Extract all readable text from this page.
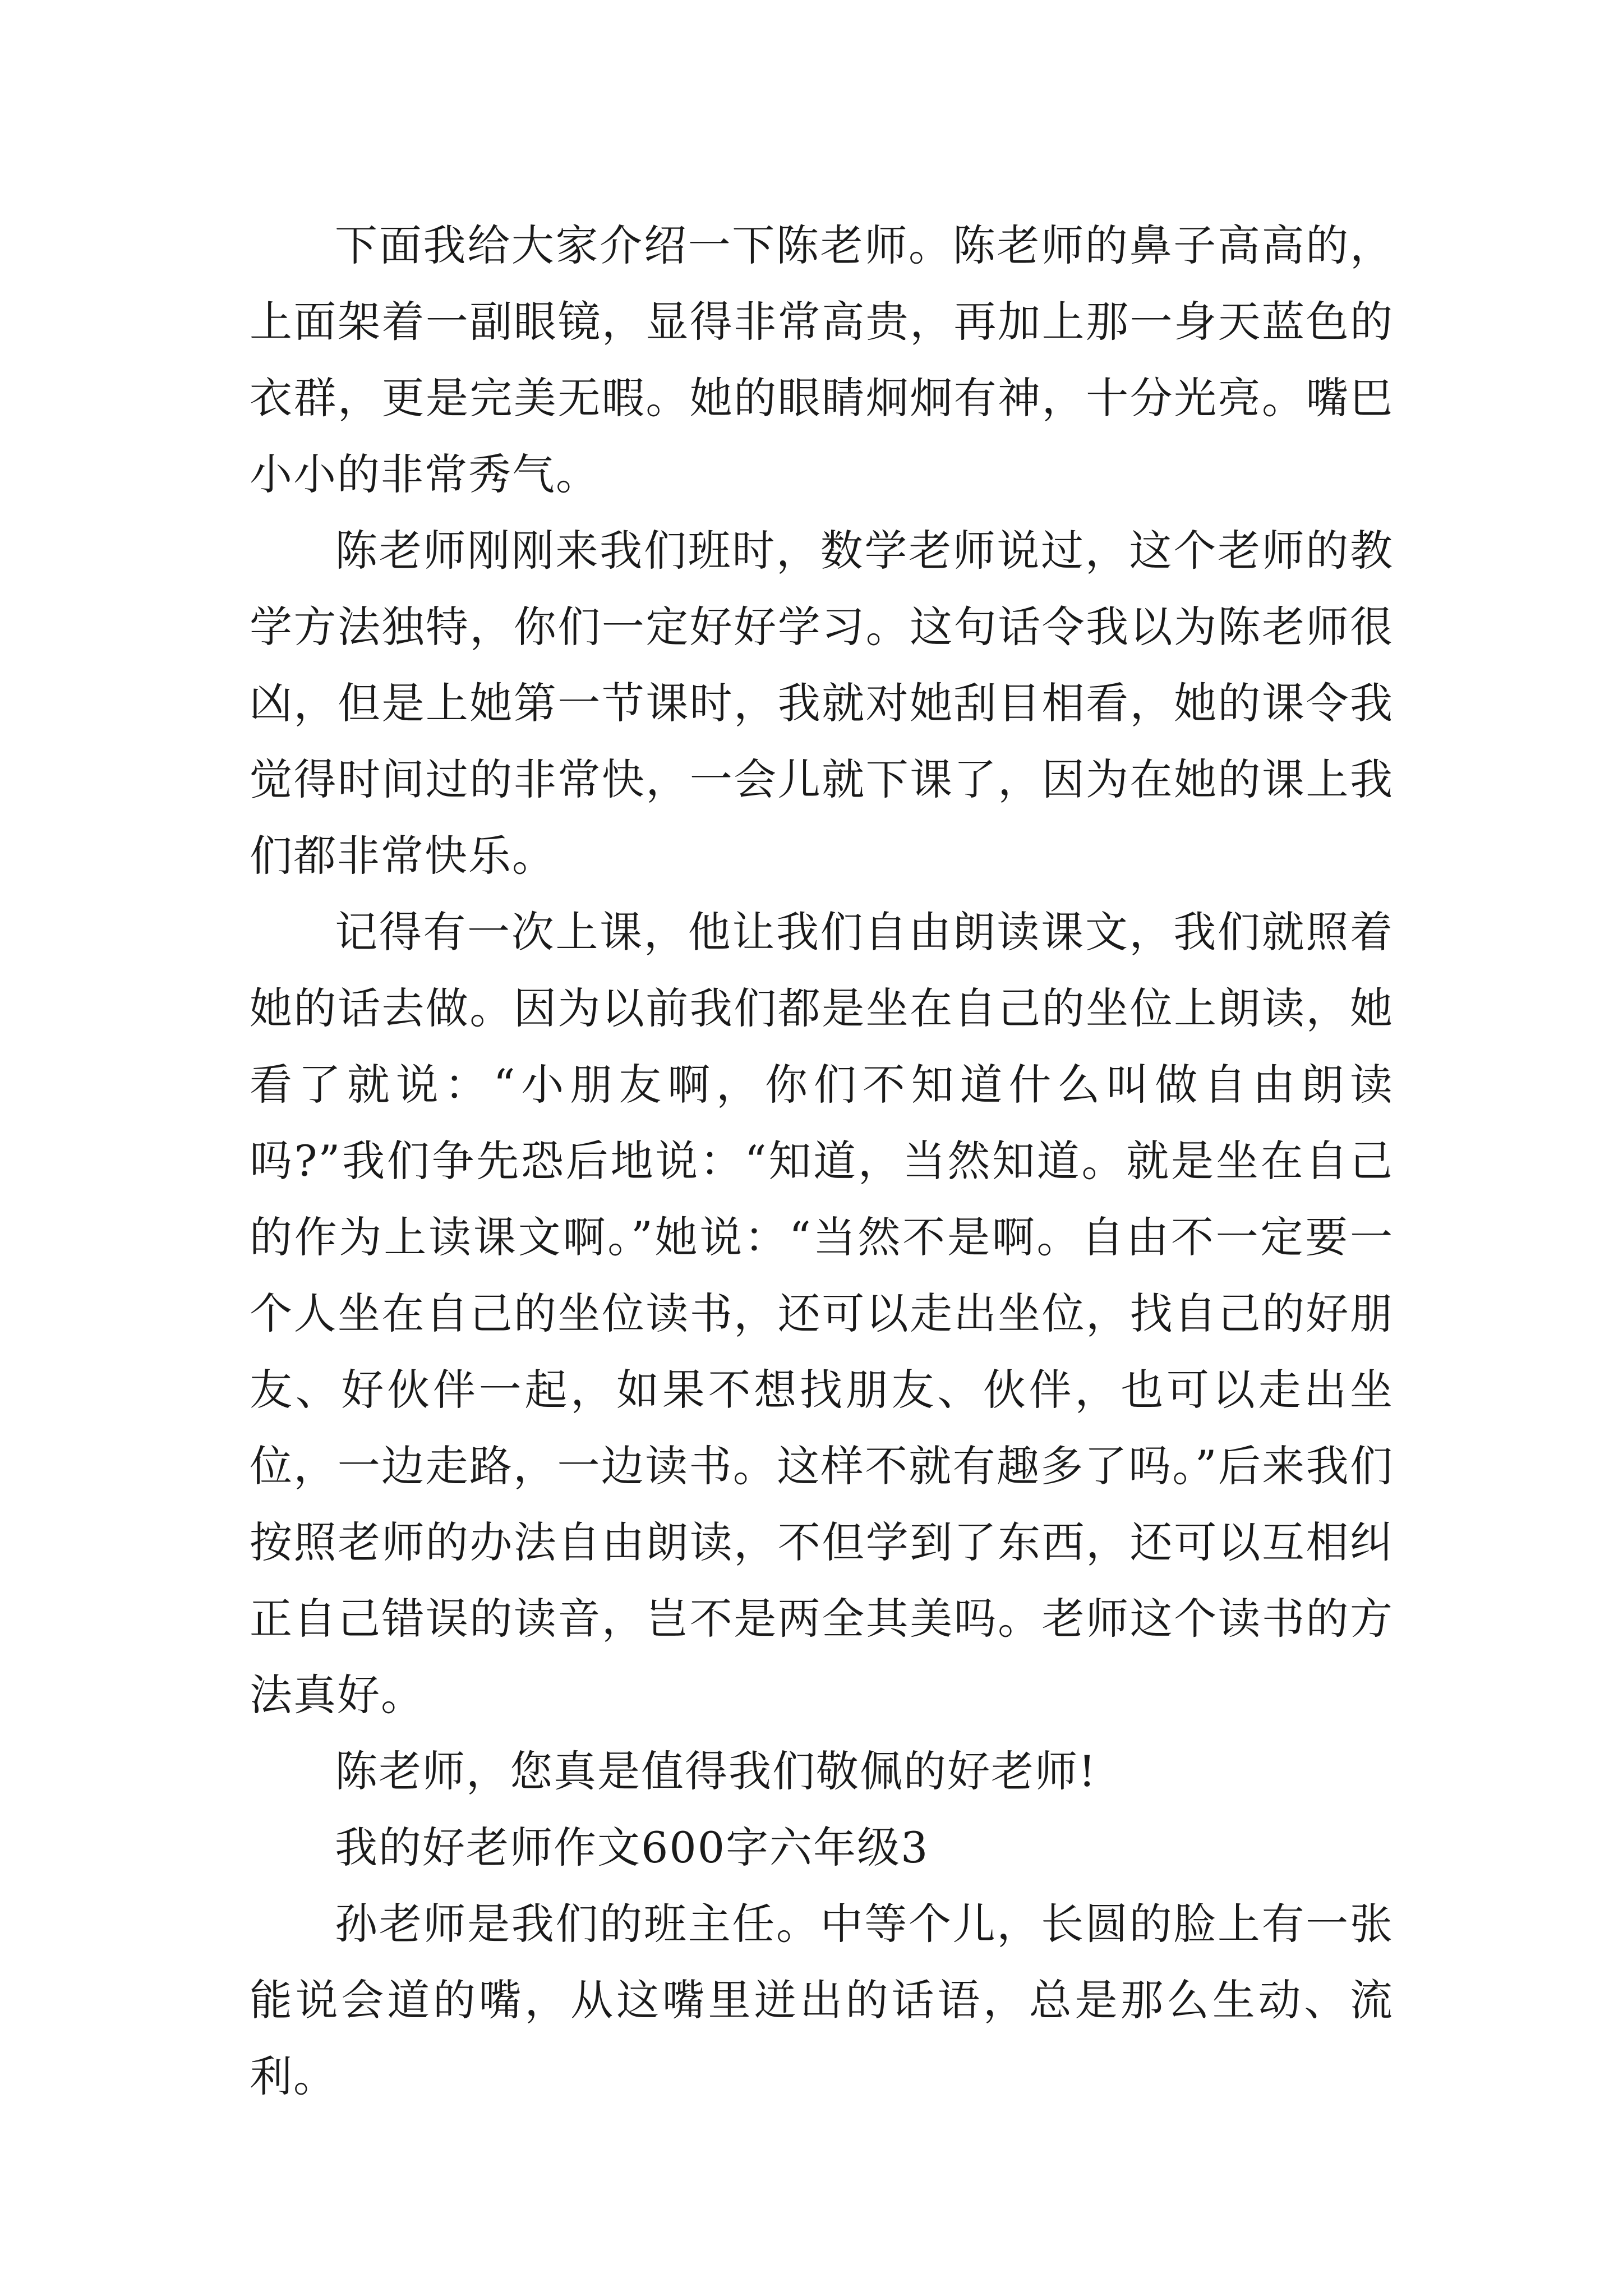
下面我给大家介绍一下陈老师。陈老师的鼻子高高的，上面架着一副眼镜，显得非常高贵，再加上那一身天蓝色的衣群，更是完美无暇。她的眼睛炯炯有神，十分光亮。嘴巴小小的非常秀气。

陈老师刚刚来我们班时，数学老师说过，这个老师的教学方法独特，你们一定好好学习。这句话令我以为陈老师很凶，但是上她第一节课时，我就对她刮目相看，她的课令我觉得时间过的非常快，一会儿就下课了，因为在她的课上我们都非常快乐。

记得有一次上课，他让我们自由朗读课文，我们就照着她的话去做。因为以前我们都是坐在自己的坐位上朗读，她看了就说：“小朋友啊，你们不知道什么叫做自由朗读吗?”我们争先恐后地说：“知道，当然知道。就是坐在自己的作为上读课文啊。”她说：“当然不是啊。自由不一定要一个人坐在自己的坐位读书，还可以走出坐位，找自己的好朋友、好伙伴一起，如果不想找朋友、伙伴，也可以走出坐位，一边走路，一边读书。这样不就有趣多了吗。”后来我们按照老师的办法自由朗读，不但学到了东西，还可以互相纠正自己错误的读音，岂不是两全其美吗。老师这个读书的方法真好。

陈老师，您真是值得我们敬佩的好老师!

我的好老师作文600字六年级3

孙老师是我们的班主任。中等个儿，长圆的脸上有一张能说会道的嘴，从这嘴里迸出的话语，总是那么生动、流利。
